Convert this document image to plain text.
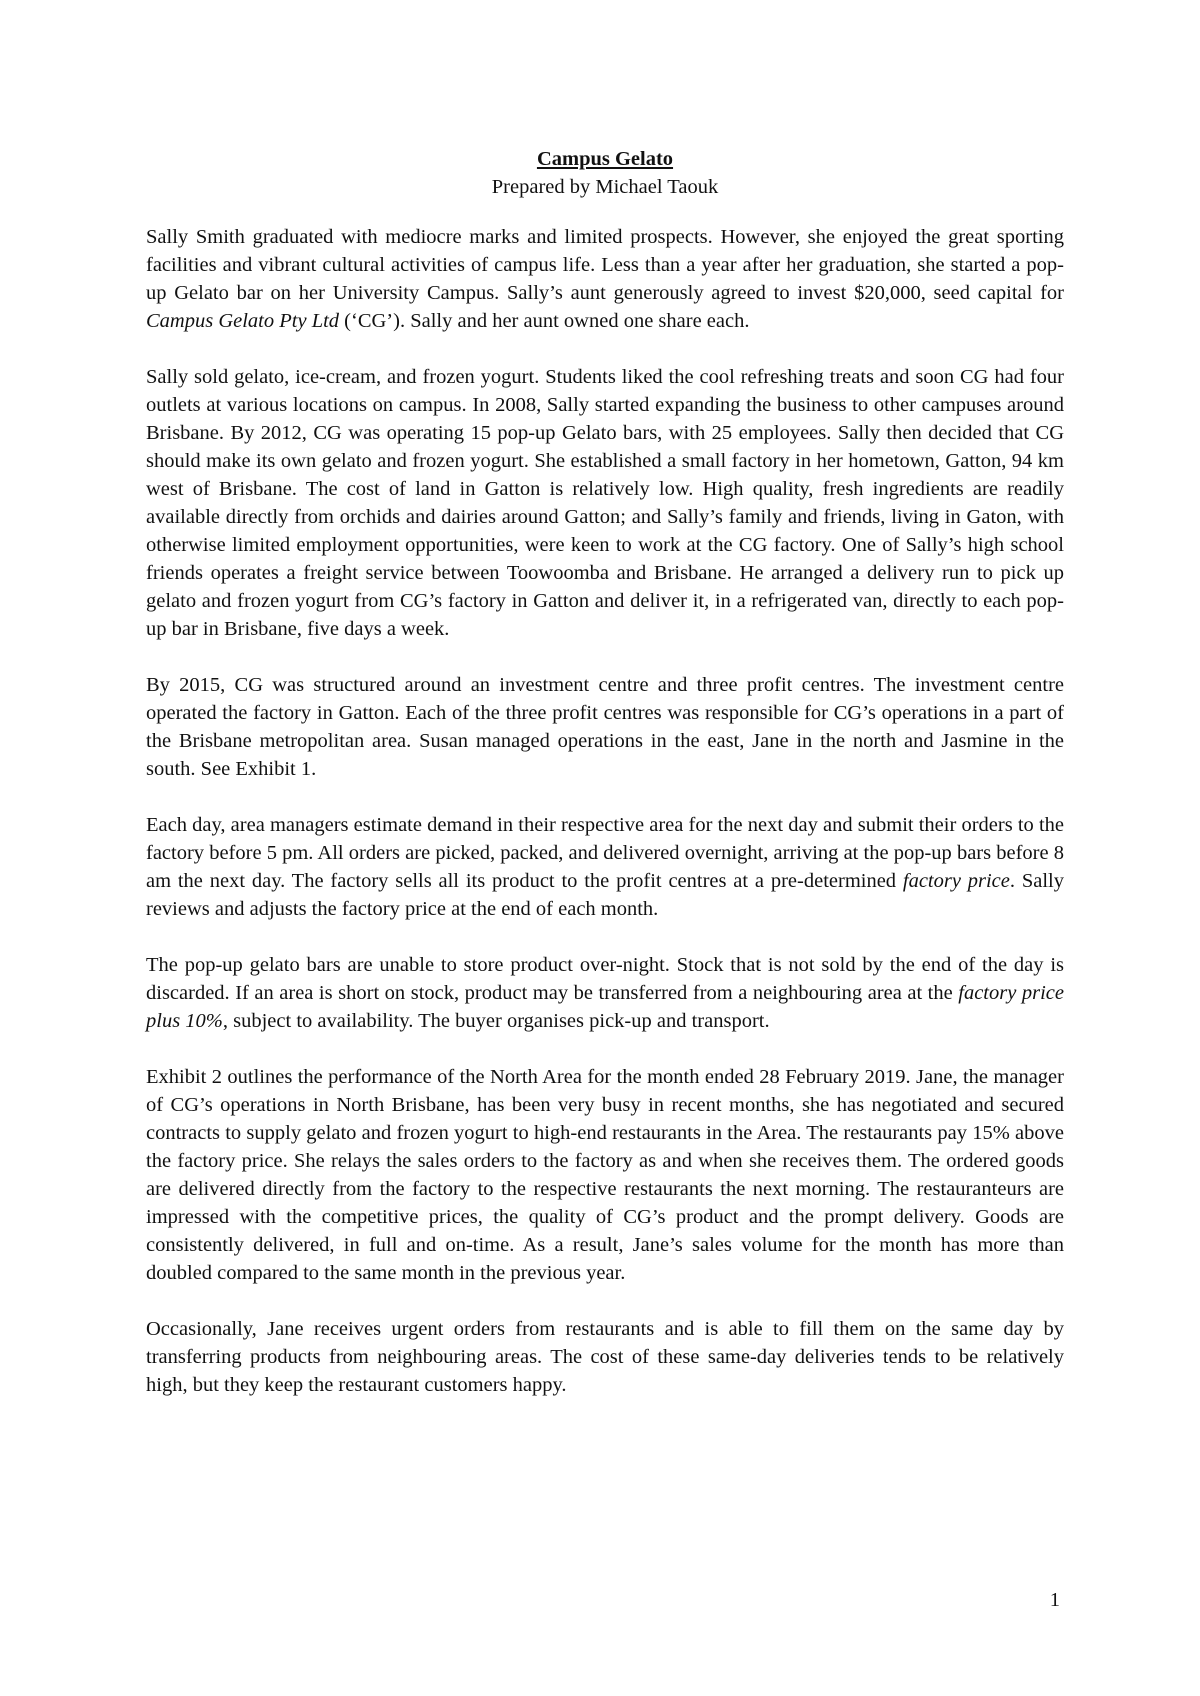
Campus Gelato

Prepared by Michael Taouk

Sally Smith graduated with mediocre marks and limited prospects. However, she enjoyed the great sporting facilities and vibrant cultural activities of campus life. Less than a year after her graduation, she started a pop-up Gelato bar on her University Campus. Sally’s aunt generously agreed to invest $20,000, seed capital for Campus Gelato Pty Ltd (‘CG’). Sally and her aunt owned one share each.

Sally sold gelato, ice-cream, and frozen yogurt. Students liked the cool refreshing treats and soon CG had four outlets at various locations on campus. In 2008, Sally started expanding the business to other campuses around Brisbane. By 2012, CG was operating 15 pop-up Gelato bars, with 25 employees. Sally then decided that CG should make its own gelato and frozen yogurt. She established a small factory in her hometown, Gatton, 94 km west of Brisbane. The cost of land in Gatton is relatively low. High quality, fresh ingredients are readily available directly from orchids and dairies around Gatton; and Sally’s family and friends, living in Gaton, with otherwise limited employment opportunities, were keen to work at the CG factory. One of Sally’s high school friends operates a freight service between Toowoomba and Brisbane. He arranged a delivery run to pick up gelato and frozen yogurt from CG’s factory in Gatton and deliver it, in a refrigerated van, directly to each pop-up bar in Brisbane, five days a week.

By 2015, CG was structured around an investment centre and three profit centres. The investment centre operated the factory in Gatton. Each of the three profit centres was responsible for CG’s operations in a part of the Brisbane metropolitan area. Susan managed operations in the east, Jane in the north and Jasmine in the south. See Exhibit 1.

Each day, area managers estimate demand in their respective area for the next day and submit their orders to the factory before 5 pm. All orders are picked, packed, and delivered overnight, arriving at the pop-up bars before 8 am the next day. The factory sells all its product to the profit centres at a pre-determined factory price. Sally reviews and adjusts the factory price at the end of each month.

The pop-up gelato bars are unable to store product over-night. Stock that is not sold by the end of the day is discarded. If an area is short on stock, product may be transferred from a neighbouring area at the factory price plus 10%, subject to availability. The buyer organises pick-up and transport.

Exhibit 2 outlines the performance of the North Area for the month ended 28 February 2019. Jane, the manager of CG’s operations in North Brisbane, has been very busy in recent months, she has negotiated and secured contracts to supply gelato and frozen yogurt to high-end restaurants in the Area. The restaurants pay 15% above the factory price. She relays the sales orders to the factory as and when she receives them. The ordered goods are delivered directly from the factory to the respective restaurants the next morning. The restauranteurs are impressed with the competitive prices, the quality of CG’s product and the prompt delivery. Goods are consistently delivered, in full and on-time. As a result, Jane’s sales volume for the month has more than doubled compared to the same month in the previous year.

Occasionally, Jane receives urgent orders from restaurants and is able to fill them on the same day by transferring products from neighbouring areas. The cost of these same-day deliveries tends to be relatively high, but they keep the restaurant customers happy.

1
